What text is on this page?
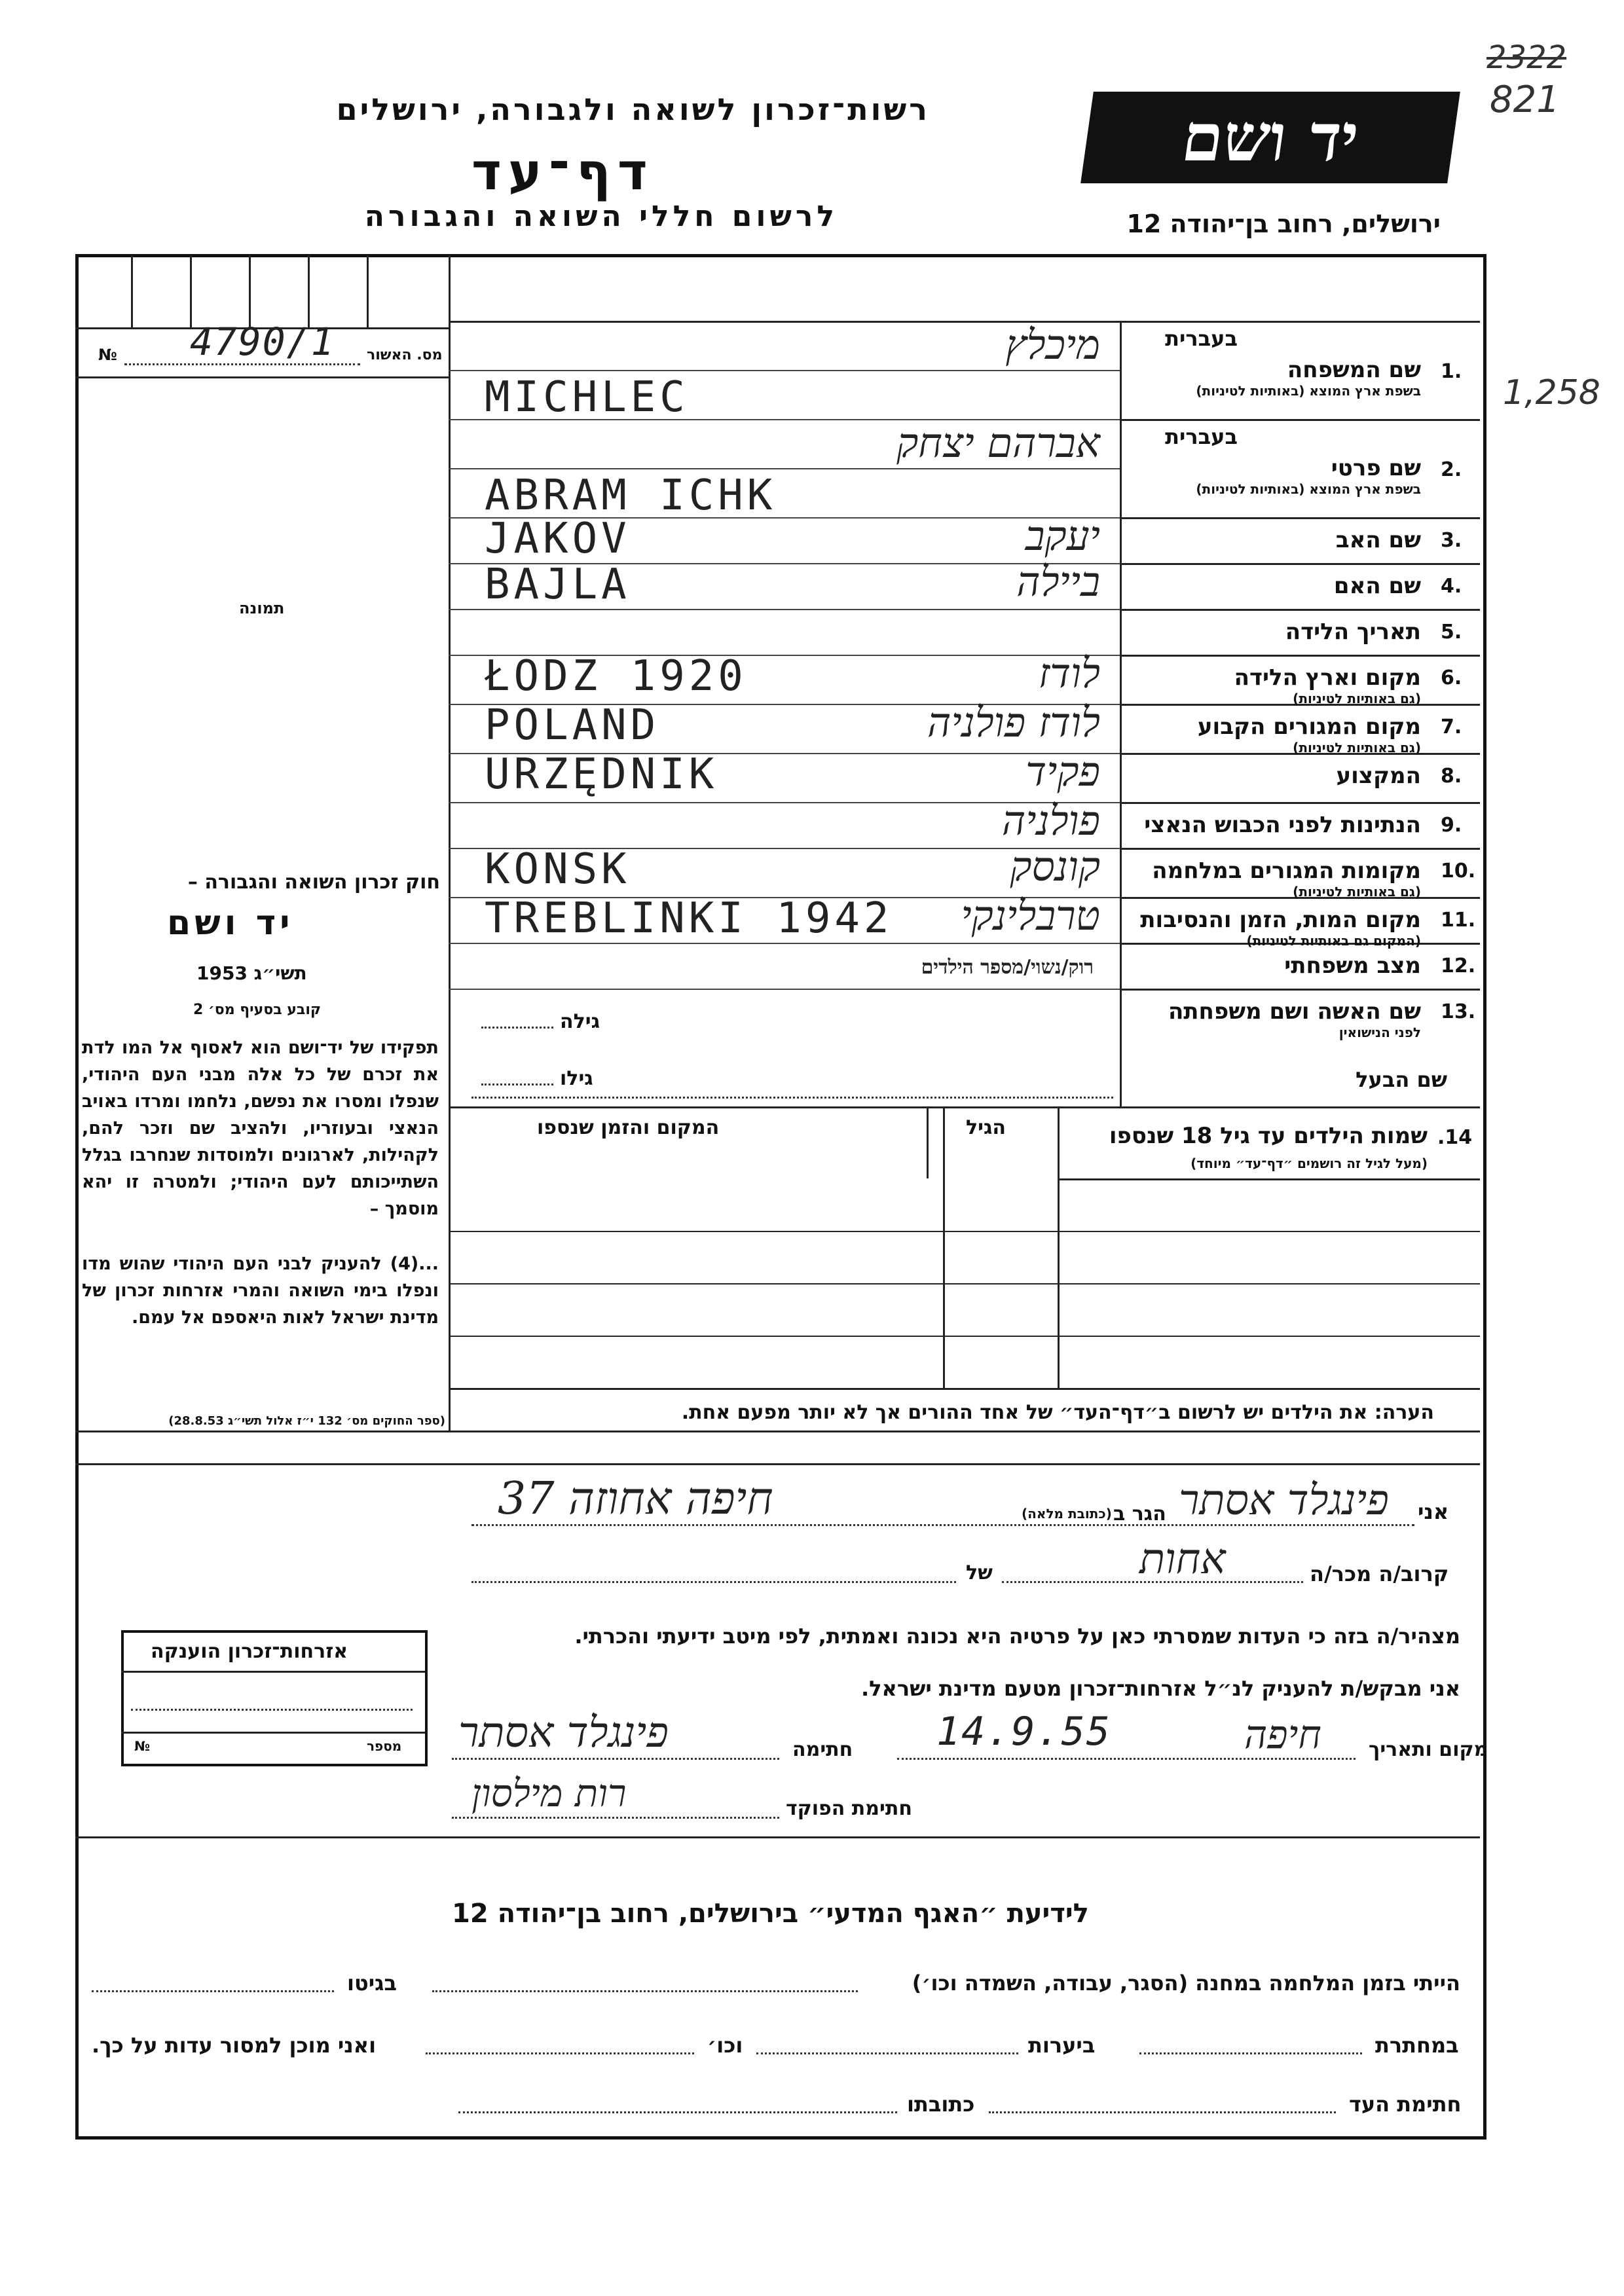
2322
821
1,258
רשות־זכרון לשואה ולגבורה, ירושלים
דף־עד
לרשום חללי השואה והגבורה
יד ושם
ירושלים, רחוב בן־יהודה 12
מס. האשור
№ 4790/1
תמונה
חוק זכרון השואה והגבורה –
יד ושם
תשי״ג 1953
קובע בסעיף מס׳ 2
תפקידו של יד־ושם הוא לאסוף אל המו לדת את זכרם של כל אלה מבני העם היהודי, שנפלו ומסרו את נפשם, נלחמו ומרדו באויב הנאצי ובעוזריו, ולהציב שם וזכר להם, לקהילות, לארגונים ולמוסדות שנחרבו בגלל השתייכותם לעם היהודי; ולמטרה זו יהא מוסמך –
...(4) להעניק לבני העם היהודי שהוש מדו ונפלו בימי השואה והמרי אזרחות זכרון של מדינת ישראל לאות היאספם אל עמם.
(ספר החוקים מס׳ 132 י״ז אלול תשי״ג 28.8.53)
1.
בעברית
שם המשפחה
בשפת ארץ המוצא (באותיות לטיניות)
מיכלץ
MICHLEC
2.
בעברית
שם פרטי
בשפת ארץ המוצא (באותיות לטיניות)
אברהם יצחק
ABRAM ICHK
3.
שם האב
יעקב
JAKOV
4.
שם האם
ביילה
BAJLA
5.
תאריך הלידה
6.
מקום וארץ הלידה
(גם באותיות לטיניות)
לודז
ŁODZ 1920
7.
מקום המגורים הקבוע
(גם באותיות לטיניות)
לודז פולניה
POLAND
8.
המקצוע
פקיד
URZĘDNIK
9.
הנתינות לפני הכבוש הנאצי
פולניה
10.
מקומות המגורים במלחמה
(גם באותיות לטיניות)
קונסק
KONSK
11.
מקום המות, הזמן והנסיבות
(המקום גם באותיות לטיניות)
טרבלינקי
TREBLINKI 1942
12.
מצב משפחתי
רוק/נשוי/מספר הילדים
13.
שם האשה ושם משפחתה
לפני הנישואין
גילה
שם הבעל
גילו
14.
שמות הילדים עד גיל 18 שנספו
(מעל לגיל זה רושמים ״דף־עד״ מיוחד)
הגיל
המקום והזמן שנספו
הערה: את הילדים יש לרשום ב״דף־העד״ של אחד ההורים אך לא יותר מפעם אחת.
אני
פינגלד אסתר
הגר ב
(כתובת מלאה)
חיפה אחוזה 37
קרוב/ה מכר/ה
אחות
של
מצהיר/ה בזה כי העדות שמסרתי כאן על פרטיה היא נכונה ואמתית, לפי מיטב ידיעתי והכרתי.
אני מבקש/ת להעניק לנ״ל אזרחות־זכרון מטעם מדינת ישראל.
מקום ותאריך
חיפה
14.9.55
חתימה
פינגלד אסתר
חתימת הפוקד
רות מילסון
אזרחות־זכרון הוענקה
מספר
№
לידיעת ״האגף המדעי״ בירושלים, רחוב בן־יהודה 12
הייתי בזמן המלחמה במחנה (הסגר, עבודה, השמדה וכו׳)
בגיטו
במחתרת
ביערות
וכו׳
ואני מוכן למסור עדות על כך.
חתימת העד
כתובתו
